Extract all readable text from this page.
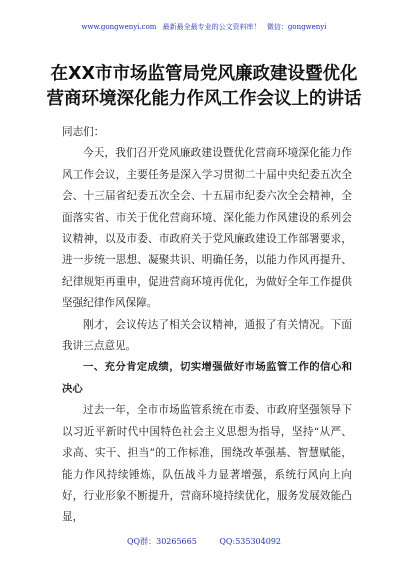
www.gongwenyi.com 最新最全最专业的公文资料库！ 微信：gongwenyi
在XX市市场监管局党风廉政建设暨优化
营商环境深化能力作风工作会议上的讲话

同志们：

今天，我们召开党风廉政建设暨优化营商环境深化能力作风工作会议，主要任务是深入学习贯彻二十届中央纪委五次全会、十三届省纪委五次全会、十五届市纪委六次全会精神，全面落实省、市关于优化营商环境、深化能力作风建设的系列会议精神，以及市委、市政府关于党风廉政建设工作部署要求，进一步统一思想、凝聚共识、明确任务，以能力作风再提升、纪律规矩再重申，促进营商环境再优化，为做好全年工作提供坚强纪律作风保障。

刚才，会议传达了相关会议精神，通报了有关情况。下面我讲三点意见。

一、充分肯定成绩，切实增强做好市场监管工作的信心和决心

过去一年，全市市场监管系统在市委、市政府坚强领导下以习近平新时代中国特色社会主义思想为指导，坚持“从严、求高、实干、担当”的工作标准，围绕改革强基、智慧赋能，能力作风持续锤炼，队伍战斗力显著增强，系统行风向上向好，行业形象不断提升，营商环境持续优化，服务发展效能凸显，

QQ群：30265665	QQ:535304092
